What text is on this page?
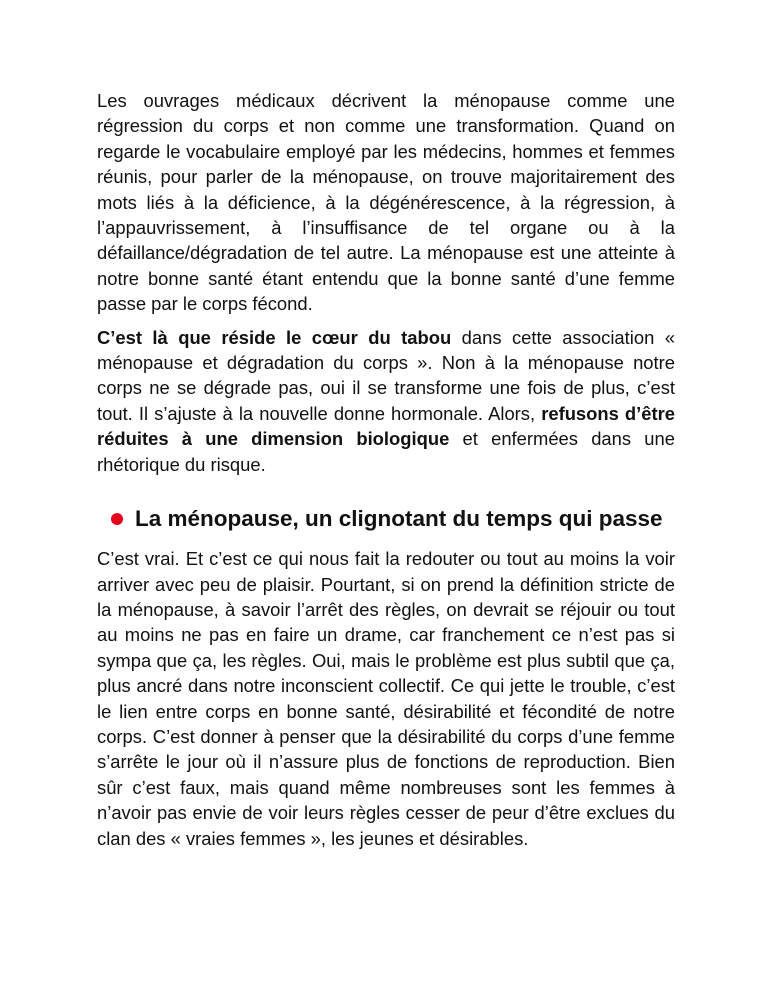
Les ouvrages médicaux décrivent la ménopause comme une régression du corps et non comme une transformation. Quand on regarde le vocabulaire employé par les médecins, hommes et femmes réunis, pour parler de la ménopause, on trouve majoritairement des mots liés à la déficience, à la dégénérescence, à la régression, à l’appauvrissement, à l’insuffisance de tel organe ou à la défaillance/dégradation de tel autre. La ménopause est une atteinte à notre bonne santé étant entendu que la bonne santé d’une femme passe par le corps fécond.

C’est là que réside le cœur du tabou dans cette association « ménopause et dégradation du corps ». Non à la ménopause notre corps ne se dégrade pas, oui il se transforme une fois de plus, c’est tout. Il s’ajuste à la nouvelle donne hormonale. Alors, refusons d’être réduites à une dimension biologique et enfermées dans une rhétorique du risque.

La ménopause, un clignotant du temps qui passe

C’est vrai. Et c’est ce qui nous fait la redouter ou tout au moins la voir arriver avec peu de plaisir. Pourtant, si on prend la définition stricte de la ménopause, à savoir l’arrêt des règles, on devrait se réjouir ou tout au moins ne pas en faire un drame, car franchement ce n’est pas si sympa que ça, les règles. Oui, mais le problème est plus subtil que ça, plus ancré dans notre inconscient collectif. Ce qui jette le trouble, c’est le lien entre corps en bonne santé, désirabilité et fécondité de notre corps. C’est donner à penser que la désirabilité du corps d’une femme s’arrête le jour où il n’assure plus de fonctions de reproduction. Bien sûr c’est faux, mais quand même nombreuses sont les femmes à n’avoir pas envie de voir leurs règles cesser de peur d’être exclues du clan des « vraies femmes », les jeunes et désirables.
